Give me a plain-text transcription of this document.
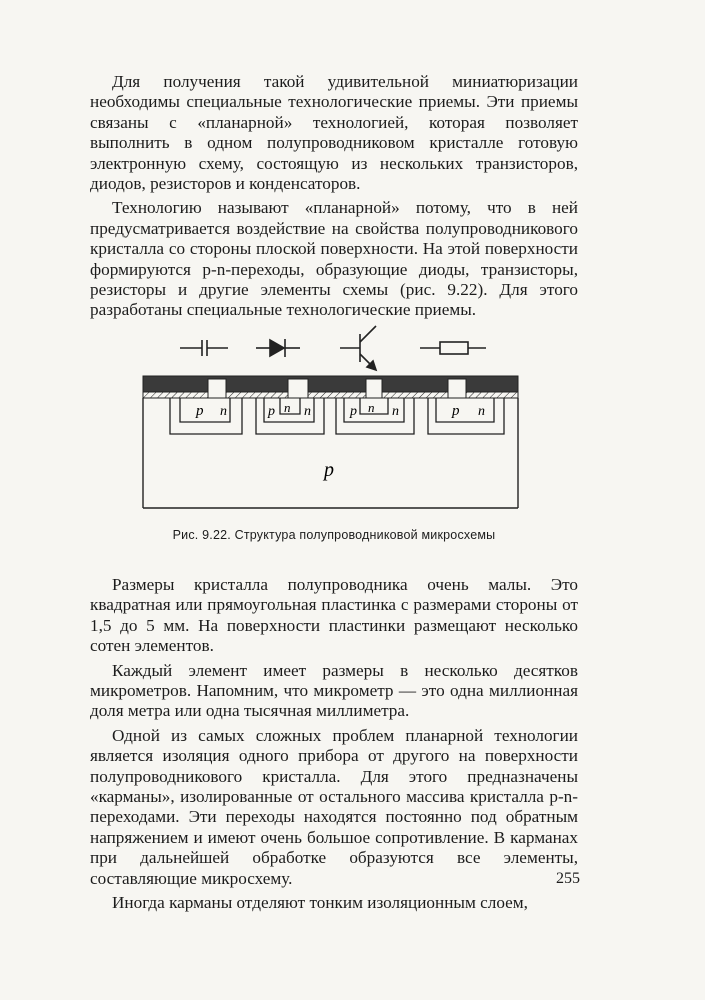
Для получения такой удивительной миниатюризации необходимы специальные технологические приемы. Эти приемы связаны с «планарной» технологией, которая позволяет выполнить в одном полупроводниковом кристалле готовую электронную схему, состоящую из нескольких транзисторов, диодов, резисторов и конденсаторов.

Технологию называют «планарной» потому, что в ней предусматривается воздействие на свойства полупроводникового кристалла со стороны плоской поверхности. На этой поверхности формируются p-n-переходы, образующие диоды, транзисторы, резисторы и другие элементы схемы (рис. 9.22). Для этого разработаны специальные технологические приемы.

p n	p n n	p n n	p n
p
Рис. 9.22. Структура полупроводниковой микросхемы

Размеры кристалла полупроводника очень малы. Это квадратная или прямоугольная пластинка с размерами стороны от 1,5 до 5 мм. На поверхности пластинки размещают несколько сотен элементов.

Каждый элемент имеет размеры в несколько десятков микрометров. Напомним, что микрометр — это одна миллионная доля метра или одна тысячная миллиметра.

Одной из самых сложных проблем планарной технологии является изоляция одного прибора от другого на поверхности полупроводникового кристалла. Для этого предназначены «карманы», изолированные от остального массива кристалла p-n-переходами. Эти переходы находятся постоянно под обратным напряжением и имеют очень большое сопротивление. В карманах при дальнейшей обработке образуются все элементы, составляющие микросхему.

Иногда карманы отделяют тонким изоляционным слоем,

255
